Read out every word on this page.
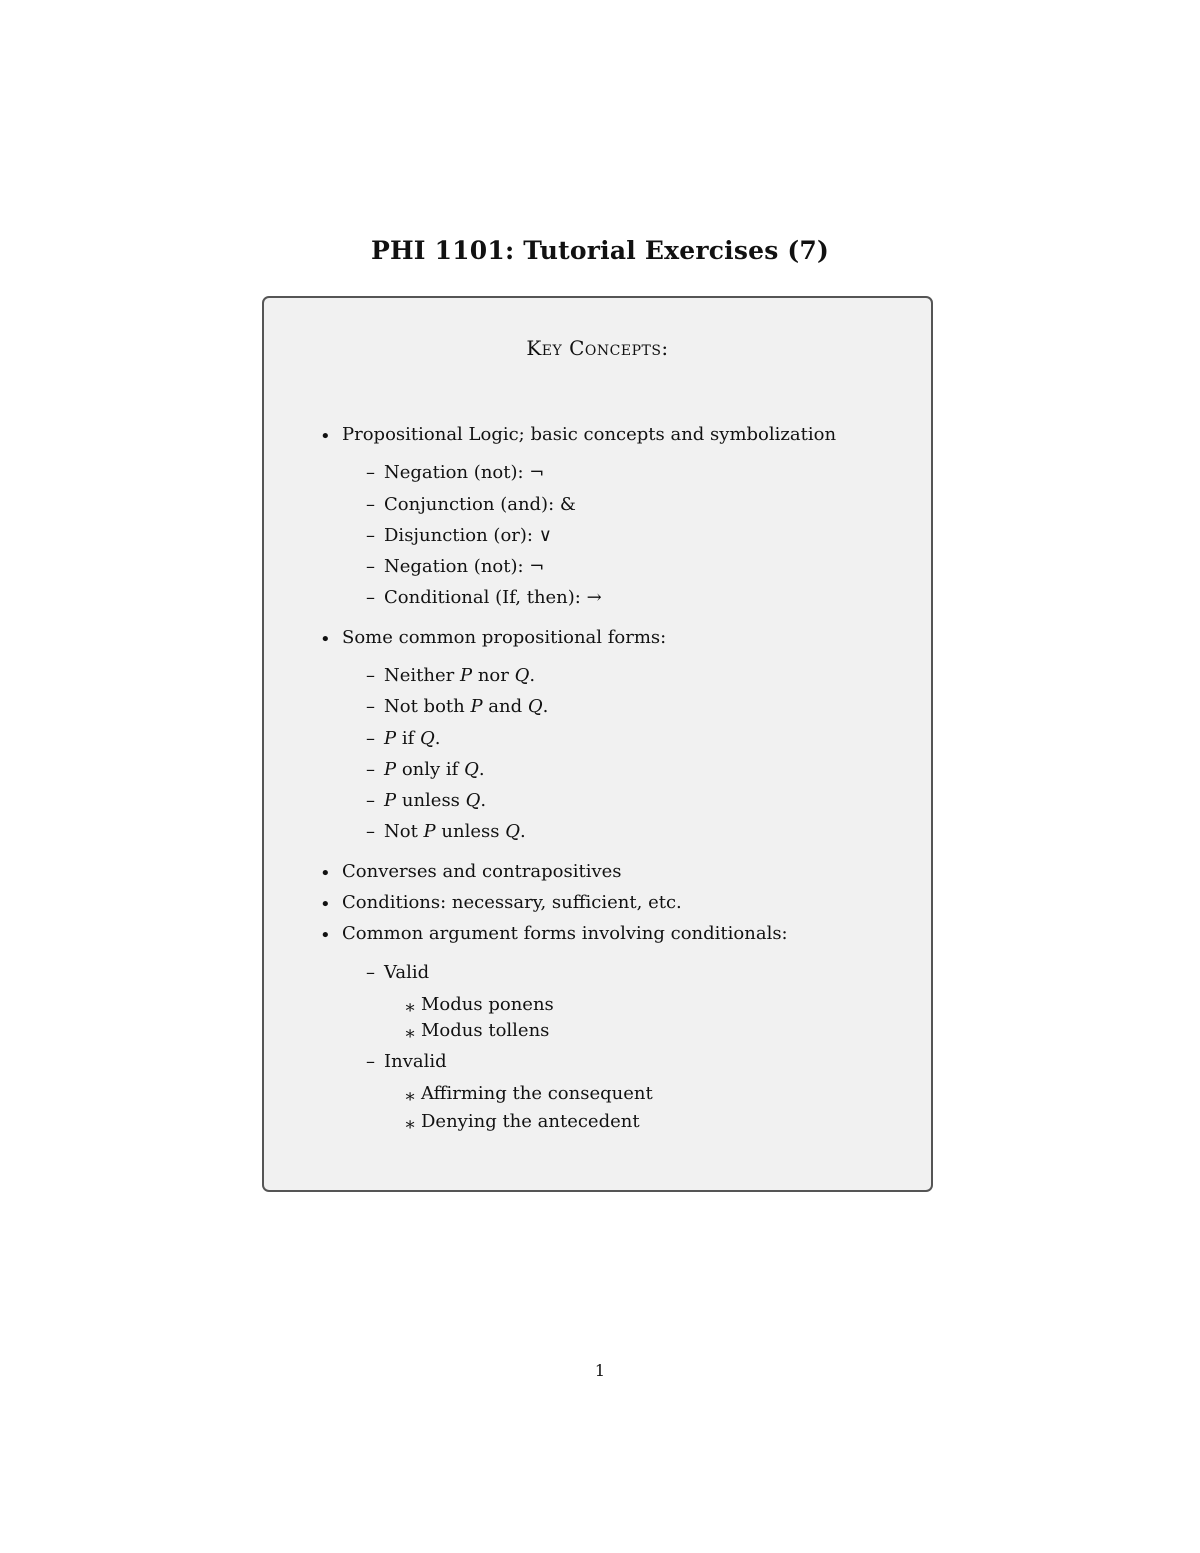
PHI 1101: Tutorial Exercises (7)
Key Concepts:
• Propositional Logic; basic concepts and symbolization
– Negation (not): ¬
– Conjunction (and): &
– Disjunction (or): ∨
– Negation (not): ¬
– Conditional (If, then): →
• Some common propositional forms:
– Neither P nor Q.
– Not both P and Q.
– P if Q.
– P only if Q.
– P unless Q.
– Not P unless Q.
• Converses and contrapositives
• Conditions: necessary, sufficient, etc.
• Common argument forms involving conditionals:
– Valid
∗ Modus ponens
∗ Modus tollens
– Invalid
∗ Affirming the consequent
∗ Denying the antecedent
1
